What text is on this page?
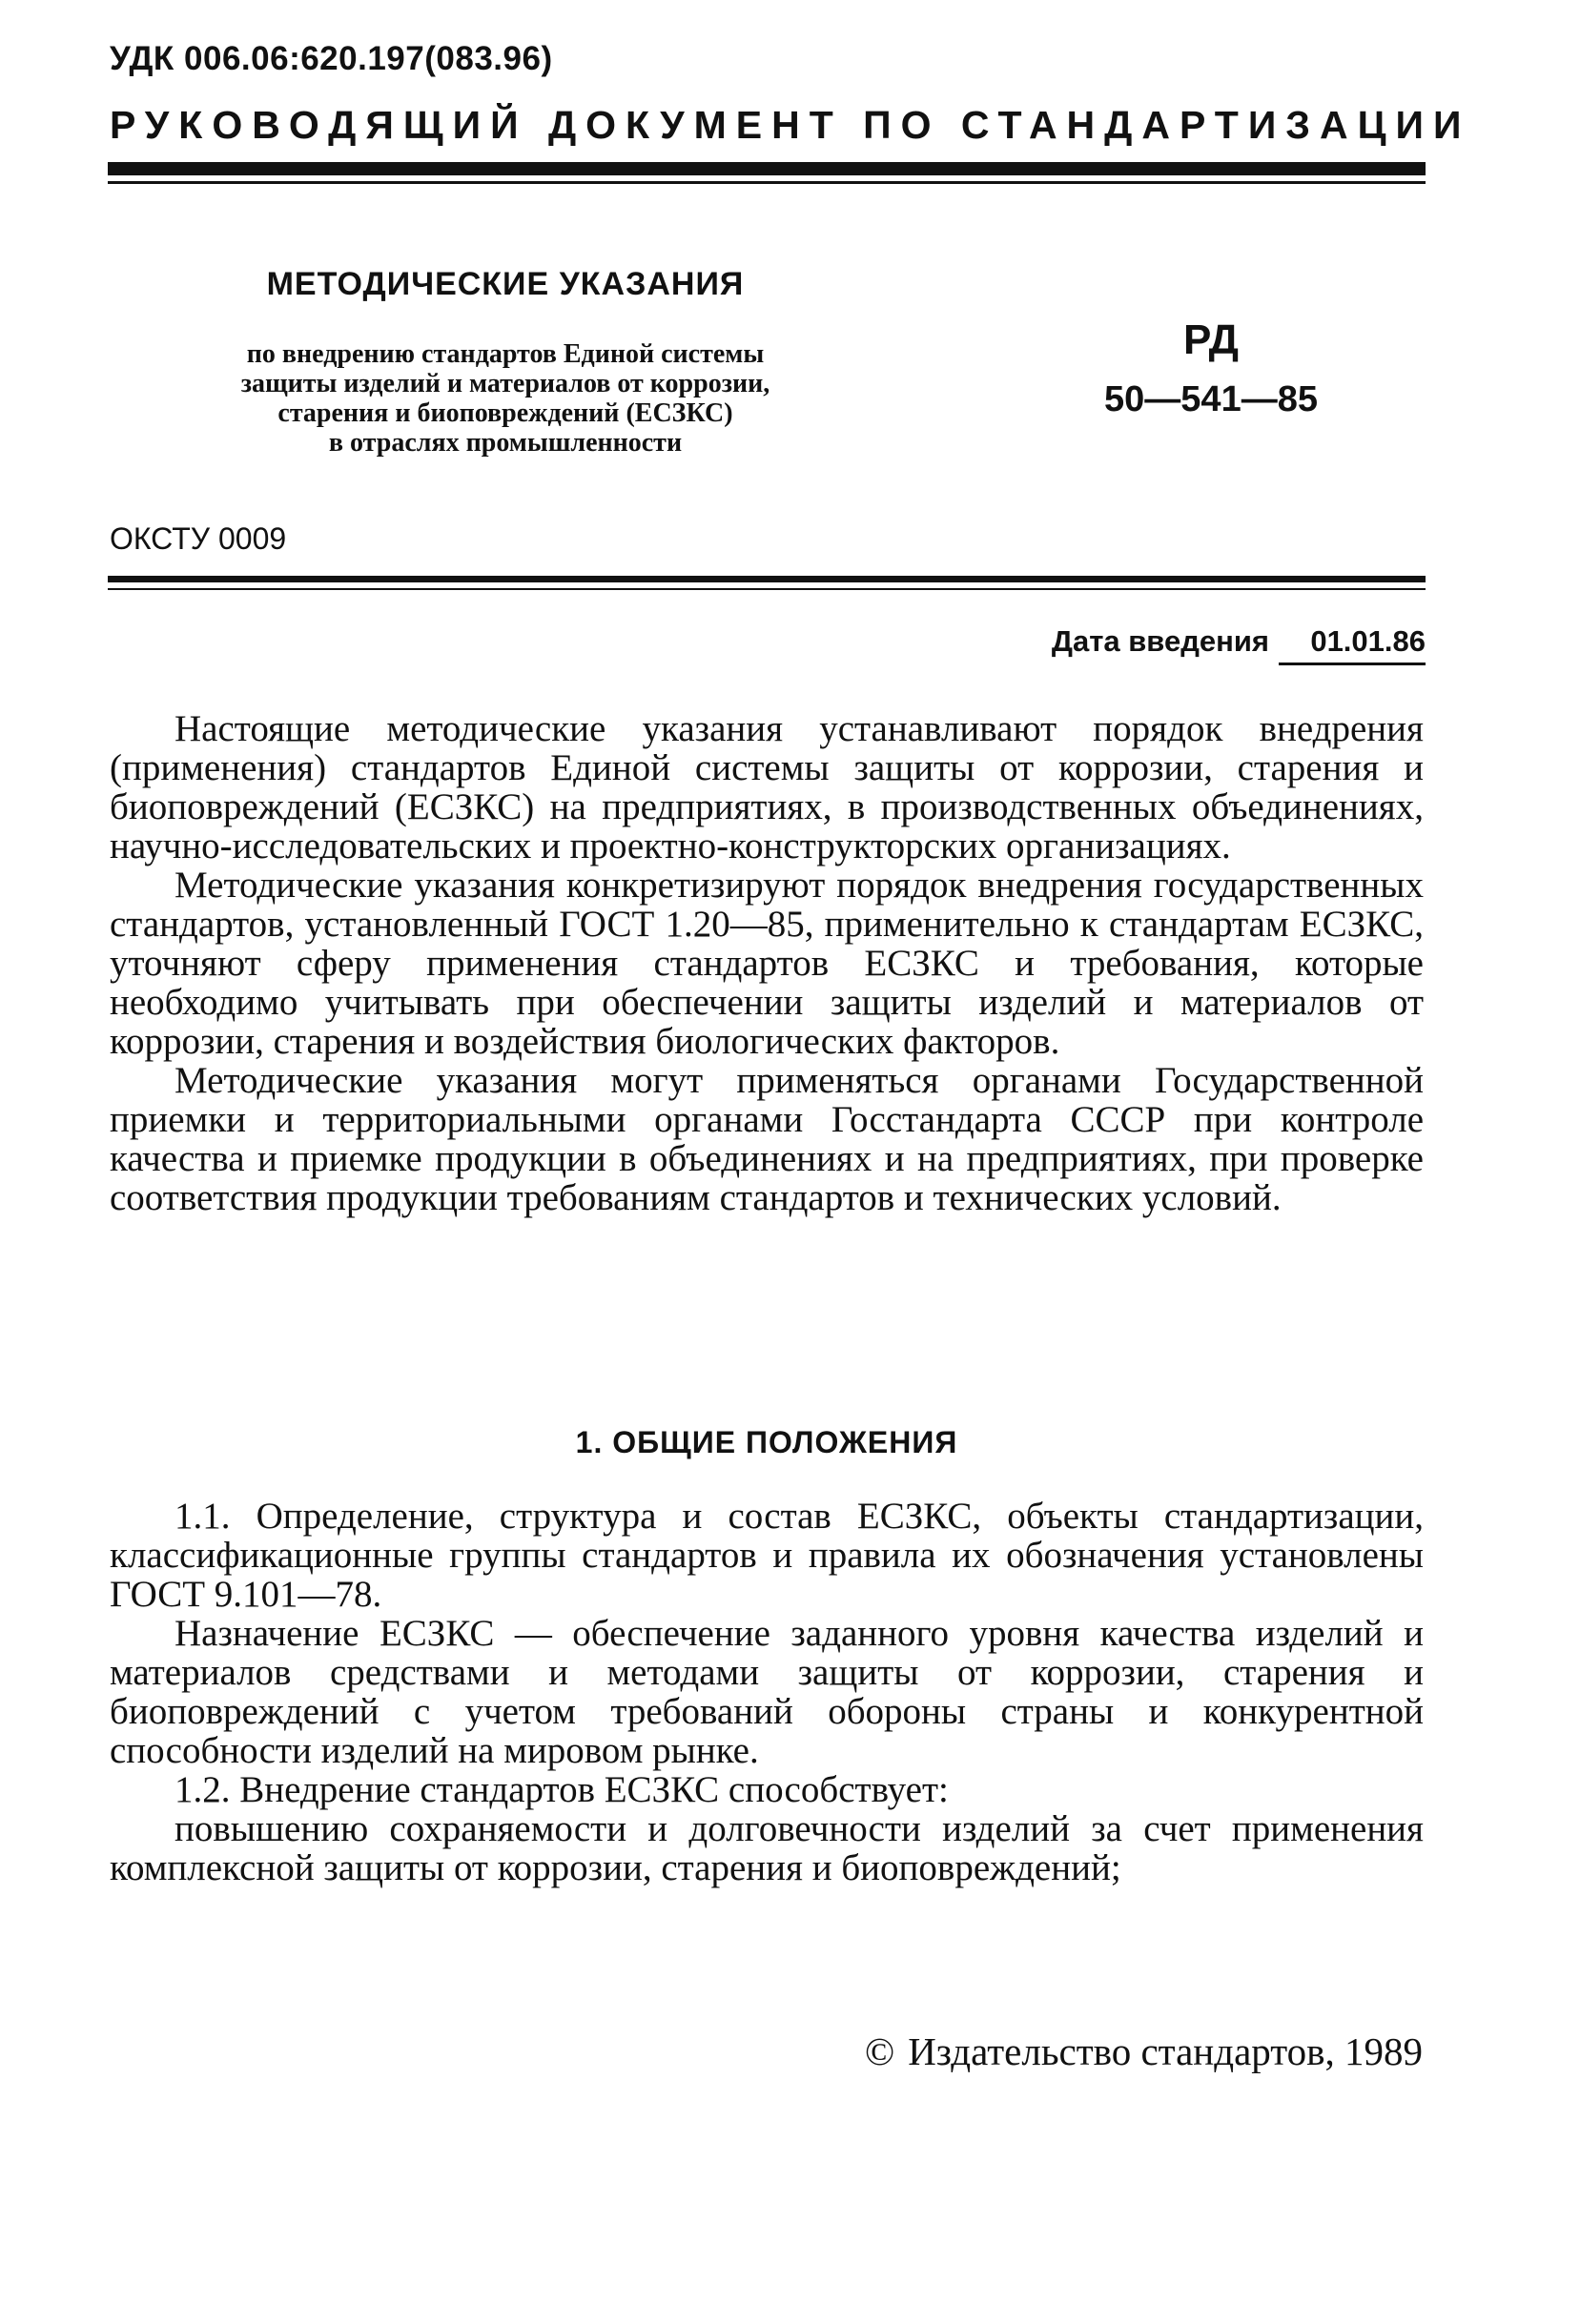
УДК 006.06:620.197(083.96)
РУКОВОДЯЩИЙ ДОКУМЕНТ ПО СТАНДАРТИЗАЦИИ
МЕТОДИЧЕСКИЕ УКАЗАНИЯ
по внедрению стандартов Единой системы
защиты изделий и материалов от коррозии,
старения и биоповреждений (ЕСЗКС)
в отраслях промышленности
РД
50—541—85
ОКСТУ 0009
Дата введения 01.01.86

Настоящие методические указания устанавливают порядок внедрения (применения) стандартов Единой системы защиты от коррозии, старения и биоповреждений (ЕСЗКС) на предприятиях, в производственных объединениях, научно-исследовательских и проектно-конструкторских организациях.

Методические указания конкретизируют порядок внедрения государственных стандартов, установленный ГОСТ 1.20—85, применительно к стандартам ЕСЗКС, уточняют сферу применения стандартов ЕСЗКС и требования, которые необходимо учитывать при обеспечении защиты изделий и материалов от коррозии, старения и воздействия биологических факторов.

Методические указания могут применяться органами Государственной приемки и территориальными органами Госстандарта СССР при контроле качества и приемке продукции в объединениях и на предприятиях, при проверке соответствия продукции требованиям стандартов и технических условий.

1. ОБЩИЕ ПОЛОЖЕНИЯ

1.1. Определение, структура и состав ЕСЗКС, объекты стандартизации, классификационные группы стандартов и правила их обозначения установлены ГОСТ 9.101—78.

Назначение ЕСЗКС — обеспечение заданного уровня качества изделий и материалов средствами и методами защиты от коррозии, старения и биоповреждений с учетом требований обороны страны и конкурентной способности изделий на мировом рынке.

1.2. Внедрение стандартов ЕСЗКС способствует:

повышению сохраняемости и долговечности изделий за счет применения комплексной защиты от коррозии, старения и биоповреждений;

© Издательство стандартов, 1989
